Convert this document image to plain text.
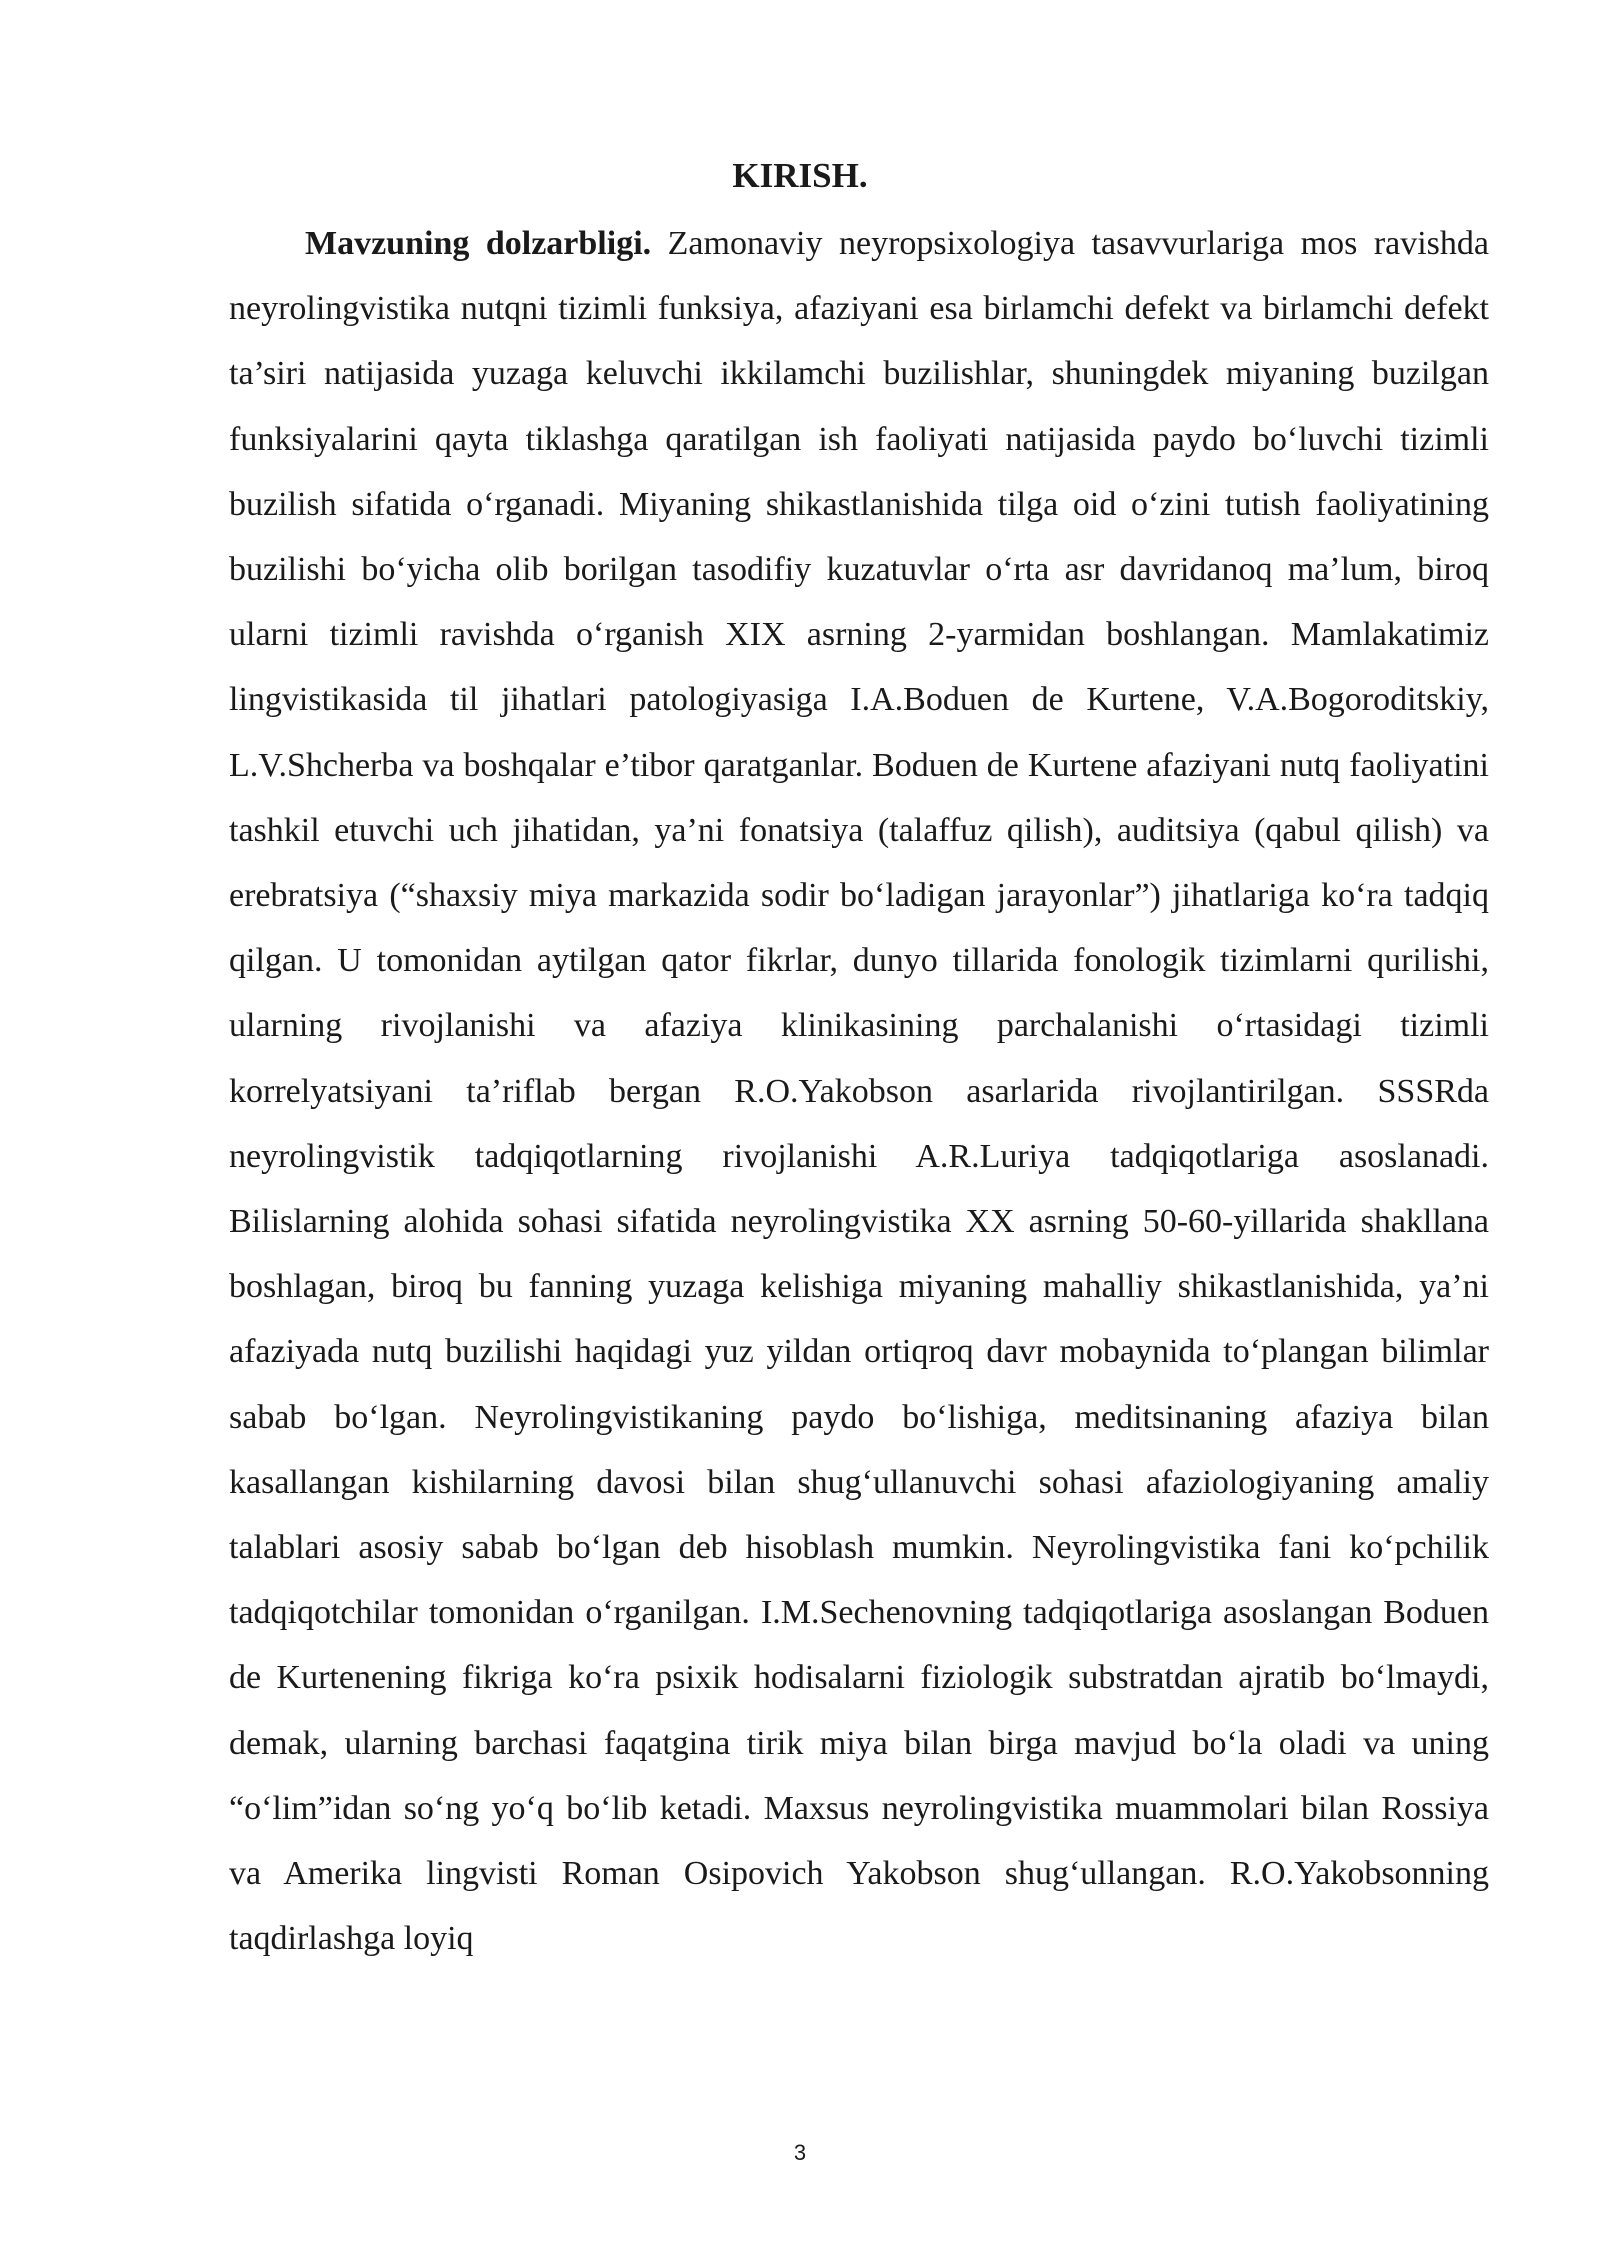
KIRISH.

Mavzuning dolzarbligi. Zamonaviy neyropsixologiya tasavvurlariga mos ravishda neyrolingvistika nutqni tizimli funksiya, afaziyani esa birlamchi defekt va birlamchi defekt ta’siri natijasida yuzaga keluvchi ikkilamchi buzilishlar, shuningdek miyaning buzilgan funksiyalarini qayta tiklashga qaratilgan ish faoliyati natijasida paydo bo‘luvchi tizimli buzilish sifatida o‘rganadi. Miyaning shikastlanishida tilga oid o‘zini tutish faoliyatining buzilishi bo‘yicha olib borilgan tasodifiy kuzatuvlar o‘rta asr davridanoq ma’lum, biroq ularni tizimli ravishda o‘rganish XIX asrning 2-yarmidan boshlangan. Mamlakatimiz lingvistikasida til jihatlari patologiyasiga I.A.Boduen de Kurtene, V.A.Bogoroditskiy, L.V.Shcherba va boshqalar e’tibor qaratganlar. Boduen de Kurtene afaziyani nutq faoliyatini tashkil etuvchi uch jihatidan, ya’ni fonatsiya (talaffuz qilish), auditsiya (qabul qilish) va erebratsiya (“shaxsiy miya markazida sodir bo‘ladigan jarayonlar”) jihatlariga ko‘ra tadqiq qilgan. U tomonidan aytilgan qator fikrlar, dunyo tillarida fonologik tizimlarni qurilishi, ularning rivojlanishi va afaziya klinikasining parchalanishi o‘rtasidagi tizimli korrelyatsiyani ta’riflab bergan R.O.Yakobson asarlarida rivojlantirilgan. SSSRda neyrolingvistik tadqiqotlarning rivojlanishi A.R.Luriya tadqiqotlariga asoslanadi. Bilislarning alohida sohasi sifatida neyrolingvistika XX asrning 50-60-yillarida shakllana boshlagan, biroq bu fanning yuzaga kelishiga miyaning mahalliy shikastlanishida, ya’ni afaziyada nutq buzilishi haqidagi yuz yildan ortiqroq davr mobaynida to‘plangan bilimlar sabab bo‘lgan. Neyrolingvistikaning paydo bo‘lishiga, meditsinaning afaziya bilan kasallangan kishilarning davosi bilan shug‘ullanuvchi sohasi afaziologiyaning amaliy talablari asosiy sabab bo‘lgan deb hisoblash mumkin. Neyrolingvistika fani ko‘pchilik tadqiqotchilar tomonidan o‘rganilgan. I.M.Sechenovning tadqiqotlariga asoslangan Boduen de Kurtenening fikriga ko‘ra psixik hodisalarni fiziologik substratdan ajratib bo‘lmaydi, demak, ularning barchasi faqatgina tirik miya bilan birga mavjud bo‘la oladi va uning “o‘lim”idan so‘ng yo‘q bo‘lib ketadi. Maxsus neyrolingvistika muammolari bilan Rossiya va Amerika lingvisti Roman Osipovich Yakobson shug‘ullangan. R.O.Yakobsonning taqdirlashga loyiq

3
